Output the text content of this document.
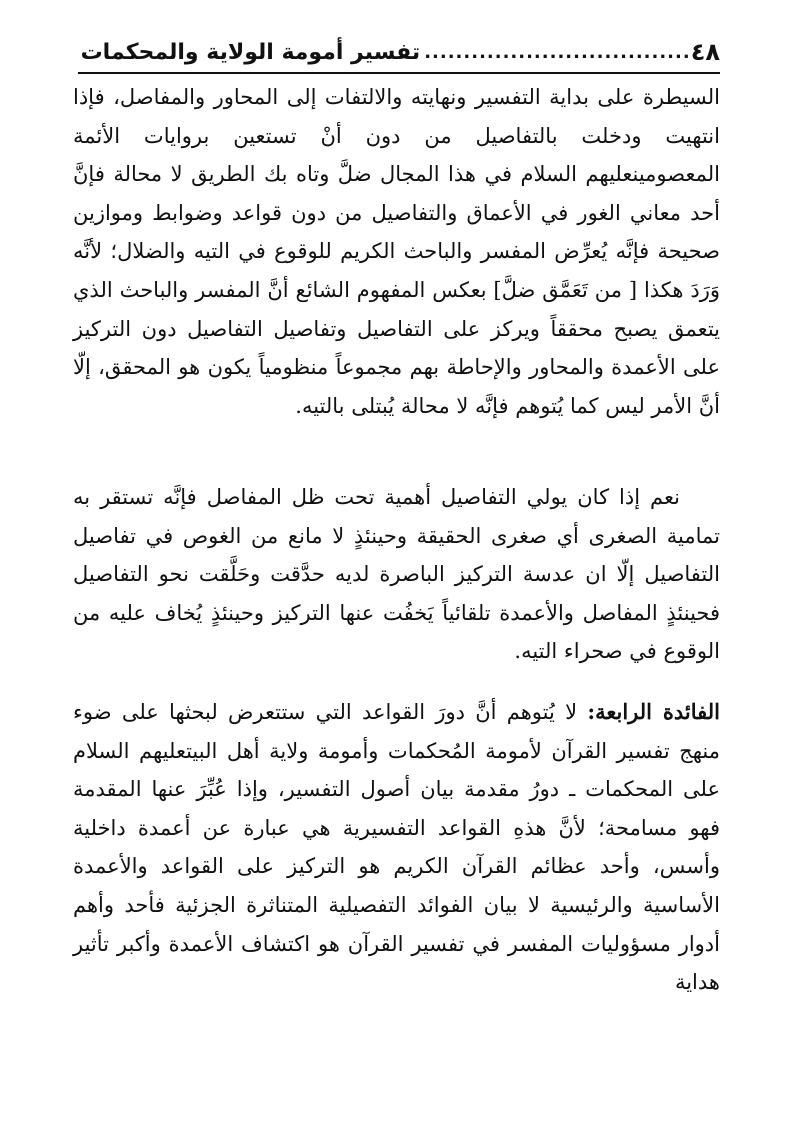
٤٨
..................................
تفسير أمومة الولاية والمحكمات

السيطرة على بداية التفسير ونهايته والالتفات إلى المحاور والمفاصل، فإذا انتهيت ودخلت بالتفاصيل من دون أنْ تستعين بروايات الأئمة المعصومين‏عليهم السلام في هذا المجال ضلَّ وتاه بك الطريق لا محالة فإنَّ أحد معاني الغور في الأعماق والتفاصيل من دون قواعد وضوابط وموازين صحيحة فإنَّه يُعرِّض المفسر والباحث الكريم للوقوع في التيه والضلال؛ لأنَّه وَرَدَ هكذا [ من تَعَمَّق ضلَّ] بعكس المفهوم الشائع أنَّ المفسر والباحث الذي يتعمق يصبح محققاً ويركز على التفاصيل وتفاصيل التفاصيل دون التركيز على الأعمدة والمحاور والإحاطة بهم مجموعاً منظومياً يكون هو المحقق، إلّا أنَّ الأمر ليس كما يُتوهم فإنَّه لا محالة يُبتلى بالتيه.

نعم إذا كان يولي التفاصيل أهمية تحت ظل المفاصل فإنَّه تستقر به تمامية الصغرى أي صغرى الحقيقة وحينئذٍ لا مانع من الغوص في تفاصيل التفاصيل إلّا ان عدسة التركيز الباصرة لديه حدَّقت وحَلَّقت نحو التفاصيل فحينئذٍ المفاصل والأعمدة تلقائياً يَخفُت عنها التركيز وحينئذٍ يُخاف عليه من الوقوع في صحراء التيه.

الفائدة الرابعة: لا يُتوهم أنَّ دورَ القواعد التي ستتعرض لبحثها على ضوء منهج تفسير القرآن لأمومة المُحكمات وأمومة ولاية أهل البيت‏عليهم السلام على المحكمات ـ دورُ مقدمة بيان أصول التفسير، وإذا عُبِّرَ عنها المقدمة فهو مسامحة؛ لأنَّ هذهِ القواعد التفسيرية هي عبارة عن أعمدة داخلية وأسس، وأحد عظائم القرآن الكريم هو التركيز على القواعد والأعمدة الأساسية والرئيسية لا بيان الفوائد التفصيلية المتناثرة الجزئية فأحد وأهم أدوار مسؤوليات المفسر في تفسير القرآن هو اكتشاف الأعمدة وأكبر تأثير هداية
